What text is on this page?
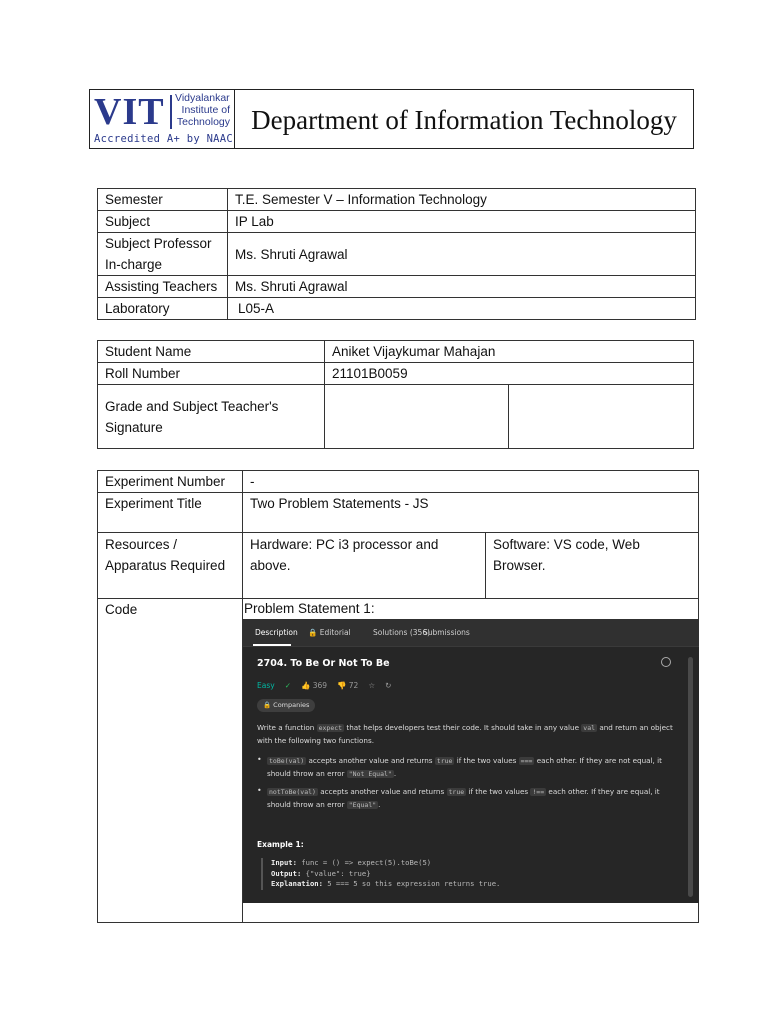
VIT Vidyalankar
Institute of
Technology
Accredited A+ by NAAC
Department of Information Technology
Semester	T.E. Semester V – Information Technology
Subject	IP Lab
Subject Professor In-charge	Ms. Shruti Agrawal
Assisting Teachers	Ms. Shruti Agrawal
Laboratory	L05-A
Student Name	Aniket Vijaykumar Mahajan	
Roll Number	21101B0059	
Grade and Subject Teacher's Signature		
Experiment Number	-	
Experiment Title	Two Problem Statements - JS	
Resources / Apparatus Required	Hardware: PC i3 processor and above.	Software: VS code, Web Browser.
Code	Problem Statement 1:	
Description 🔒 Editorial	Solutions (356)
Submissions
2704. To Be Or Not To Be
Easy ✓ 👍 369 👎 72 ☆ ↻
🔒 Companies
Write a function expect that helps developers test their code. It should take in any value val and return an object with the following two functions.
•	toBe(val) accepts another value and returns true if the two values === each other. If they are not equal, it should throw an error "Not Equal" .
•	notToBe(val) accepts another value and returns true if the two values !== each other. If they are equal, it should throw an error "Equal" .
Example 1:
Input: func = () => expect(5).toBe(5)
Output: {"value": true}
Explanation: 5 === 5 so this expression returns true.
